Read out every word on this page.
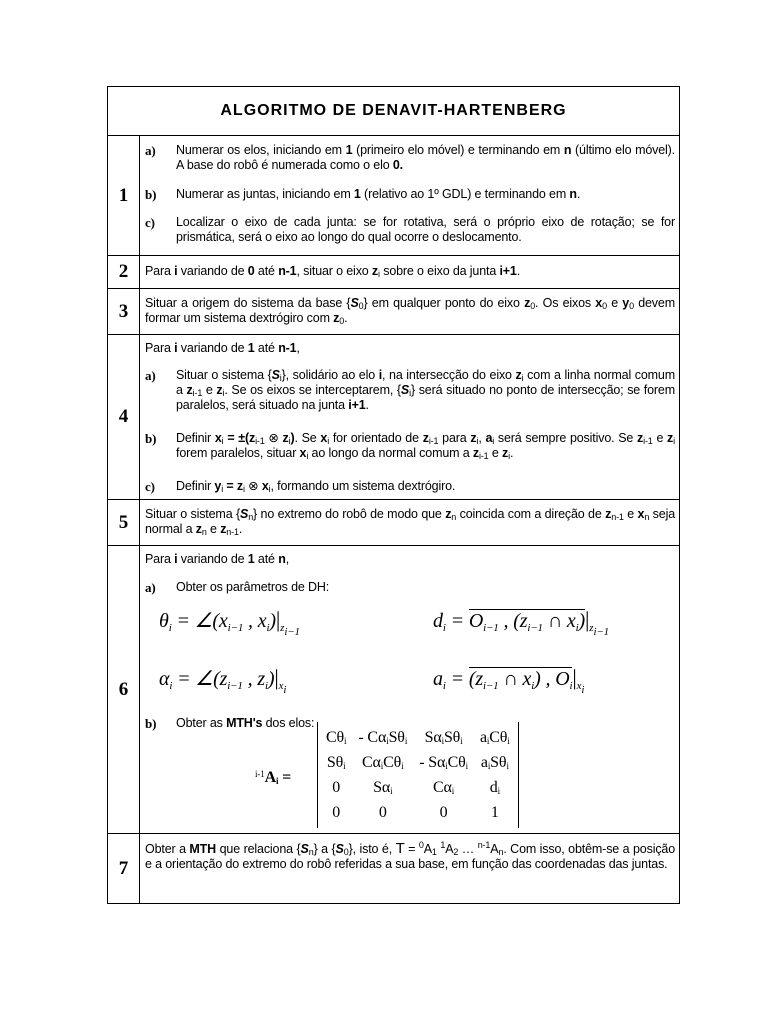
ALGORITMO DE DENAVIT-HARTENBERG
1
a) Numerar os elos, iniciando em 1 (primeiro elo móvel) e terminando em n (último elo móvel). A base do robô é numerada como o elo 0.
b) Numerar as juntas, iniciando em 1 (relativo ao 1º GDL) e terminando em n.
c) Localizar o eixo de cada junta: se for rotativa, será o próprio eixo de rotação; se for prismática, será o eixo ao longo do qual ocorre o deslocamento.
2	Para i variando de 0 até n-1, situar o eixo $z_i$ sobre o eixo da junta i+1.
3	Situar a origem do sistema da base $\{S_0\}$ em qualquer ponto do eixo $z_0$. Os eixos $x_0$ e $y_0$ devem formar um sistema dextrógiro com $z_0$.
4
Para i variando de 1 até n-1,
a) Situar o sistema $\{S_i\}$, solidário ao elo i, na intersecção do eixo $z_i$ com a linha normal comum a $z_{i-1}$ e $z_i$. Se os eixos se interceptarem, $\{S_i\}$ será situado no ponto de intersecção; se forem paralelos, será situado na junta i+1.
b) Definir $x_i = \pm(z_{i-1}$ ⊗ $z_i$). Se $x_i$ for orientado de $z_{i-1}$ para $z_i$, $a_i$ será sempre positivo. Se $z_{i-1}$ e $z_i$ forem paralelos, situar $x_i$ ao longo da normal comum a $z_{i-1}$ e $z_i$.
c) Definir $y_i = z_i$ ⊗ $x_i$, formando um sistema dextrógiro.
5	Situar o sistema $\{S_n\}$ no extremo do robô de modo que $z_n$ coincida com a direção de $z_{n-1}$ e $x_n$ seja normal a $z_n$ e $z_{n-1}$.
6
Para i variando de 1 até n,
a) Obter os parâmetros de DH:
$\theta_i$ = $\angle(x_{i-1}$ , $x_i)|_{z_{i-1}}$	$d_i = O_{i-1}$ , ($z_{i-1}$ ∩ $x_i)|_{z_{i-1}}$
$\alpha_i$ = $\angle(z_{i-1}$ , $z_i)|_{x_i}$	$a_i = (z_{i-1}$ ∩ $x_i$) , $O_i|_{x_i}$
b) Obter as MTH's dos elos:
$^{i-1}A_i$ =
$C\theta_i$	- $C\alpha_iS\theta_i$	$S\alpha_iS\theta_i$	$a_iC\theta_i$
$S\theta_i$	$C\alpha_iC\theta_i$	- $S\alpha_iC\theta_i$	$a_iS\theta_i$
0	$S\alpha_i$	$C\alpha_i$	$d_i$
0	0	0	1
7
Obter a MTH que relaciona $\{S_n\}$ a $\{S_0\}$, isto é, $T = ^0A_1$ $^1A_2$ … $^{n-1}A_n$. Com isso, obtêm-se a posição e a orientação do extremo do robô referidas a sua base, em função das coordenadas das juntas.
